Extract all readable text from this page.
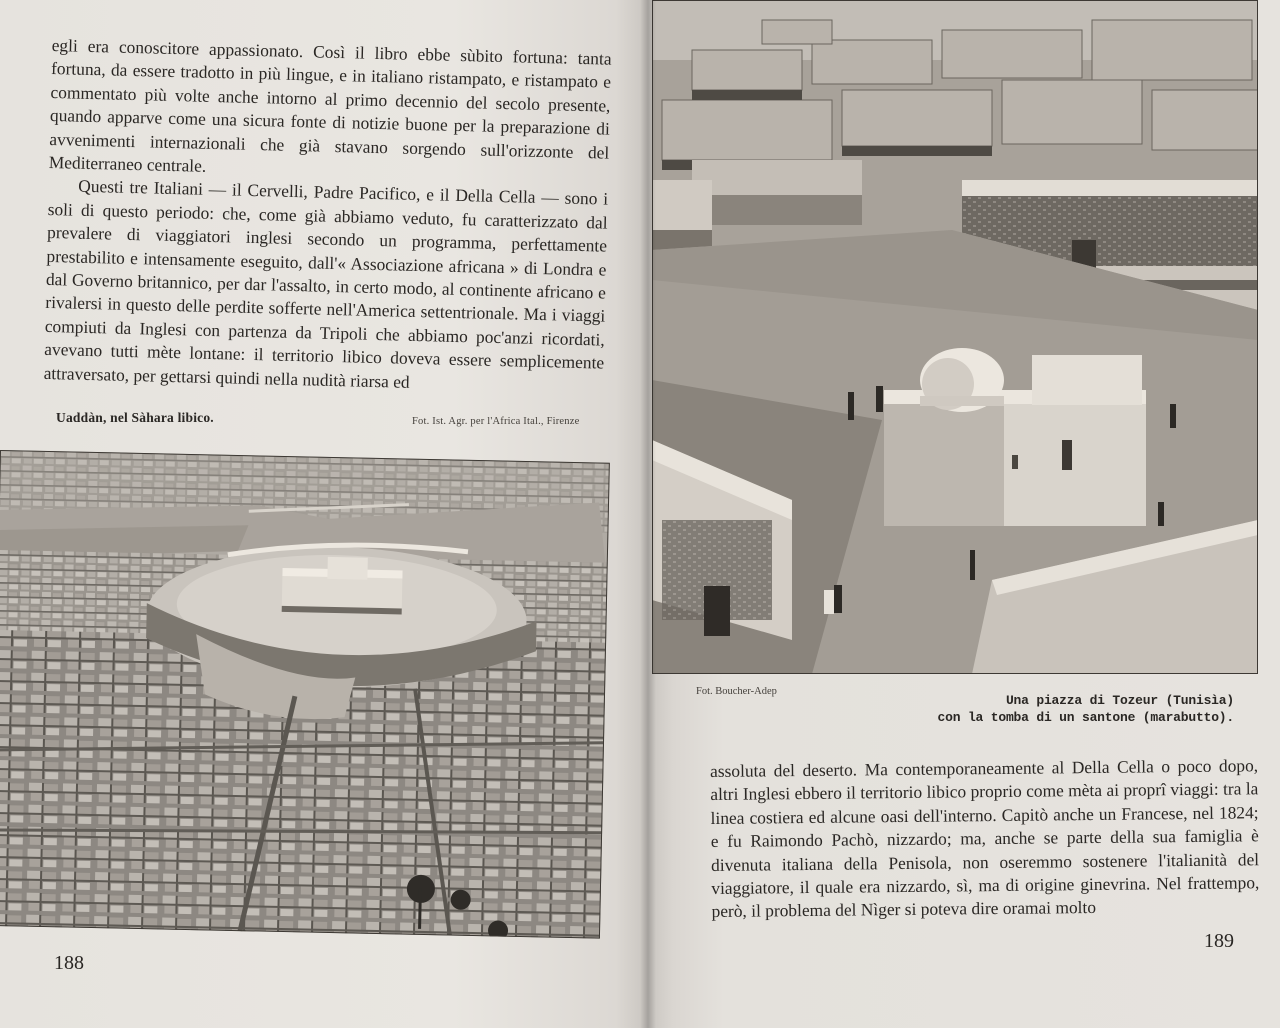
egli era conoscitore appassionato. Così il libro ebbe sùbito fortuna: tanta fortuna, da essere tradotto in più lingue, e in italiano ristampato, e ristampato e commentato più volte anche intorno al primo decennio del secolo presente, quando apparve come una sicura fonte di notizie buone per la preparazione di avvenimenti internazionali che già stavano sorgendo sull'orizzonte del Mediterraneo centrale.

Questi tre Italiani — il Cervelli, Padre Pacifico, e il Della Cella — sono i soli di questo periodo: che, come già abbiamo veduto, fu caratterizzato dal prevalere di viaggiatori inglesi secondo un programma, perfettamente prestabilito e intensamente eseguito, dall'« Associazione africana » di Londra e dal Governo britannico, per dar l'assalto, in certo modo, al continente africano e rivalersi in questo delle perdite sofferte nell'America settentrionale. Ma i viaggi compiuti da Inglesi con partenza da Tripoli che abbiamo poc'anzi ricordati, avevano tutti mète lontane: il territorio libico doveva essere semplicemente attraversato, per gettarsi quindi nella nudità riarsa ed

Uaddàn, nel Sàhara libico.	Fot. Ist. Agr. per l'Africa Ital., Firenze
188
Fot. Boucher-Adep
Una piazza di Tozeur (Tunisìa)
con la tomba di un santone (marabutto).

assoluta del deserto. Ma contemporaneamente al Della Cella o poco dopo, altri Inglesi ebbero il territorio libico proprio come mèta ai proprî viaggi: tra la linea costiera ed alcune oasi dell'interno. Capitò anche un Francese, nel 1824; e fu Raimondo Pachò, nizzardo; ma, anche se parte della sua famiglia è divenuta italiana della Penisola, non oseremmo sostenere l'italianità del viaggiatore, il quale era nizzardo, sì, ma di origine ginevrina. Nel frattempo, però, il problema del Nìger si poteva dire oramai molto

189
